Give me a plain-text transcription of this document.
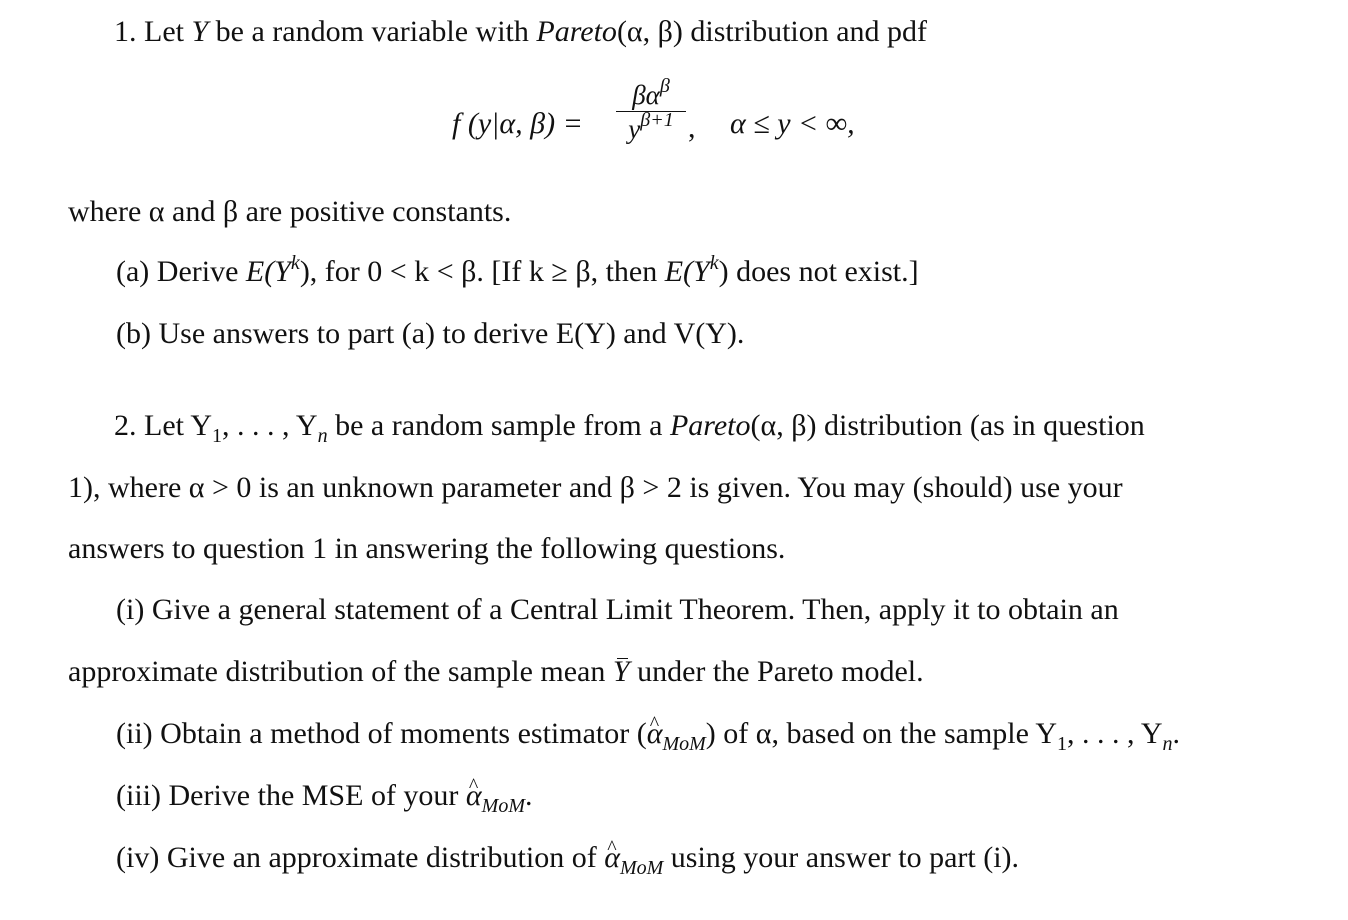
1. Let Y be a random variable with Pareto(α, β) distribution and pdf
f (y|α, β) =
$\beta\alpha^\beta$
$y^{\beta+1}$ , α ≤ y < ∞,
where α and β are positive constants.
(a) Derive $E(Y^k)$, for 0 < k < β. [If k ≥ β, then $E(Y^k)$ does not exist.]
(b) Use answers to part (a) to derive E(Y) and V(Y).
2. Let $Y_1$, . . . , $Y_n$ be a random sample from a Pareto(α, β) distribution (as in question
1), where α > 0 is an unknown parameter and β > 2 is given. You may (should) use your
answers to question 1 in answering the following questions.
(i) Give a general statement of a Central Limit Theorem. Then, apply it to obtain an
approximate distribution of the sample mean Y under the Pareto model.
(ii) Obtain a method of moments estimator (^ $\alpha_{MoM}$) of α, based on the sample $Y_1$, . . . , $Y_n$.
(iii) Derive the MSE of your ^ $\alpha_{MoM}$.
(iv) Give an approximate distribution of ^ $\alpha_{MoM}$ using your answer to part (i).
